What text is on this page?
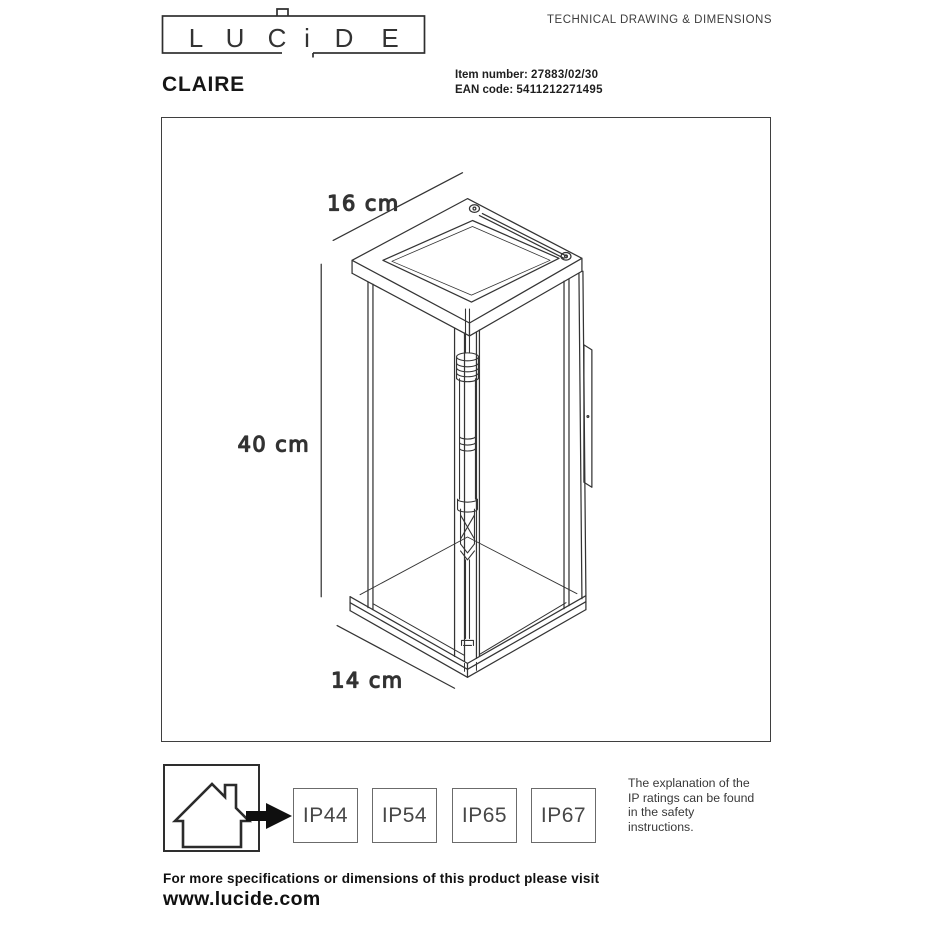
L U C i D E
TECHNICAL DRAWING & DIMENSIONS
CLAIRE	Item number: 27883/02/30
EAN code: 5411212271495
16 cm
40 cm
14 cm
IP44 IP54 IP65 IP67
The explanation of the
IP ratings can be found
in the safety
instructions.
For more specifications or dimensions of this product please visit
www.lucide.com
